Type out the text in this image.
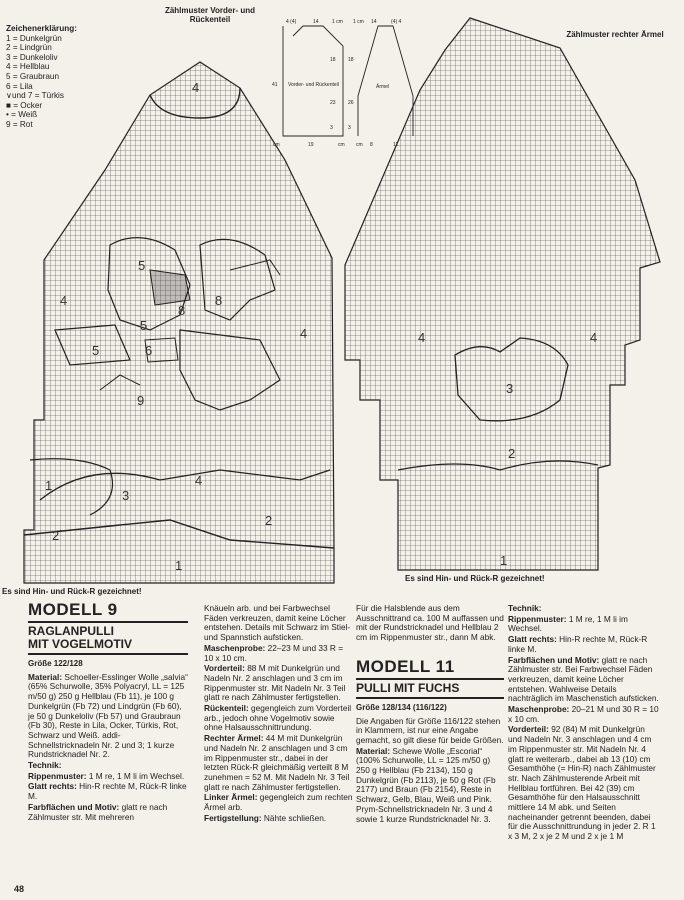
4
5
5
4
8
8
5	6
9
4
1
3
4
2
2
1
4	4
3
2
1
Zeichenerklärung:
1 = Dunkelgrün
2 = Lindgrün
3 = Dunkeloliv
4 = Hellblau
5 = Graubraun
6 = Lila
∨und 7 = Türkis
■ = Ocker
• = Weiß
9 = Rot
Zählmuster Vorder- und Rückenteil
Zählmuster rechter Ärmel
Es sind Hin- und Rück-R gezeichnet!
Es sind Hin- und Rück-R gezeichnet!
4 (4)	14	1 cm 1 cm 14	(4) 4
41
18 18
23 26
3	3
cm	19	cm cm 8	11
Vorder- und Rückenteil	Ärmel
MODELL 9
RAGLANPULLI
MIT VOGELMOTIV
Größe 122/128
Material: Schoeller-Esslinger Wolle „salvia“ (65% Schurwolle, 35% Polyacryl, LL = 125 m/50 g) 250 g Hellblau (Fb 11), je 100 g Dunkelgrün (Fb 72) und Lindgrün (Fb 60), je 50 g Dunkeloliv (Fb 57) und Graubraun (Fb 30), Reste in Lila, Ocker, Türkis, Rot, Schwarz und Weiß. addi-Schnellstricknadeln Nr. 2 und 3; 1 kurze Rundstricknadel Nr. 2.
Technik:
Rippenmuster: 1 M re, 1 M li im Wechsel.
Glatt rechts: Hin-R rechte M, Rück-R linke M.
Farbflächen und Motiv: glatt re nach Zählmuster str. Mit mehreren
Knäueln arb. und bei Farbwechsel Fäden verkreuzen, damit keine Löcher entstehen. Details mit Schwarz im Stiel- und Spannstich aufsticken.
Maschenprobe: 22–23 M und 33 R = 10 x 10 cm.
Vorderteil: 88 M mit Dunkelgrün und Nadeln Nr. 2 anschlagen und 3 cm im Rippenmuster str. Mit Nadeln Nr. 3 Teil glatt re nach Zählmuster fertigstellen.
Rückenteil: gegengleich zum Vorderteil arb., jedoch ohne Vogelmotiv sowie ohne Halsausschnittrundung.
Rechter Ärmel: 44 M mit Dunkelgrün und Nadeln Nr. 2 anschlagen und 3 cm im Rippenmuster str., dabei in der letzten Rück-R gleichmäßig verteilt 8 M zunehmen = 52 M. Mit Nadeln Nr. 3 Teil glatt re nach Zählmuster fertigstellen.
Linker Ärmel: gegengleich zum rechten Ärmel arb.
Fertigstellung: Nähte schließen.
Für die Halsblende aus dem Ausschnittrand ca. 100 M auffassen und mit der Rundstricknadel und Hellblau 2 cm im Rippenmuster str., dann M abk.
MODELL 11
PULLI MIT FUCHS
Größe 128/134 (116/122)
Die Angaben für Größe 116/122 stehen in Klammern, ist nur eine Angabe gemacht, so gilt diese für beide Größen.
Material: Schewe Wolle „Escorial“ (100% Schurwolle, LL = 125 m/50 g) 250 g Hellblau (Fb 2134), 150 g Dunkelgrün (Fb 2113), je 50 g Rot (Fb 2177) und Braun (Fb 2154), Reste in Schwarz, Gelb, Blau, Weiß und Pink. Prym-Schnellstricknadeln Nr. 3 und 4 sowie 1 kurze Rundstricknadel Nr. 3.
Technik:
Rippenmuster: 1 M re, 1 M li im Wechsel.
Glatt rechts: Hin-R rechte M, Rück-R linke M.
Farbflächen und Motiv: glatt re nach Zählmuster str. Bei Farbwechsel Fäden verkreuzen, damit keine Löcher entstehen. Wahlweise Details nachträglich im Maschenstich aufsticken.
Maschenprobe: 20–21 M und 30 R = 10 x 10 cm.
Vorderteil: 92 (84) M mit Dunkelgrün und Nadeln Nr. 3 anschlagen und 4 cm im Rippenmuster str. Mit Nadeln Nr. 4 glatt re weiterarb., dabei ab 13 (10) cm Gesamthöhe (= Hin-R) nach Zählmuster str. Nach Zählmusterende Arbeit mit Hellblau fortführen. Bei 42 (39) cm Gesamthöhe für den Halsausschnitt mittlere 14 M abk. und Seiten nacheinander getrennt beenden, dabei für die Ausschnittrundung in jeder 2. R 1 x 3 M, 2 x je 2 M und 2 x je 1 M
48
